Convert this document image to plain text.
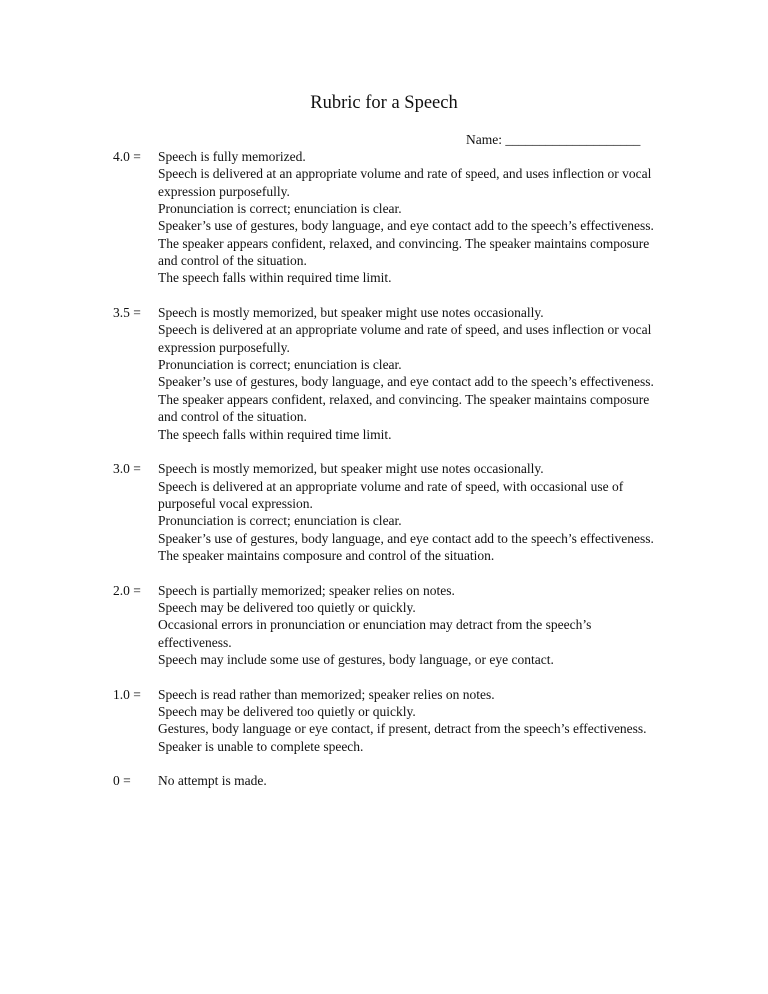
Rubric for a Speech
Name: ____________________
4.0 =	Speech is fully memorized.
Speech is delivered at an appropriate volume and rate of speed, and uses inflection or vocal expression purposefully.
Pronunciation is correct; enunciation is clear.
Speaker’s use of gestures, body language, and eye contact add to the speech’s effectiveness.
The speaker appears confident, relaxed, and convincing. The speaker maintains composure and control of the situation.
The speech falls within required time limit.
3.5 =	Speech is mostly memorized, but speaker might use notes occasionally.
Speech is delivered at an appropriate volume and rate of speed, and uses inflection or vocal expression purposefully.
Pronunciation is correct; enunciation is clear.
Speaker’s use of gestures, body language, and eye contact add to the speech’s effectiveness.
The speaker appears confident, relaxed, and convincing. The speaker maintains composure and control of the situation.
The speech falls within required time limit.
3.0 =	Speech is mostly memorized, but speaker might use notes occasionally.
Speech is delivered at an appropriate volume and rate of speed, with occasional use of purposeful vocal expression.
Pronunciation is correct; enunciation is clear.
Speaker’s use of gestures, body language, and eye contact add to the speech’s effectiveness.
The speaker maintains composure and control of the situation.
2.0 =	Speech is partially memorized; speaker relies on notes.
Speech may be delivered too quietly or quickly.
Occasional errors in pronunciation or enunciation may detract from the speech’s effectiveness.
Speech may include some use of gestures, body language, or eye contact.
1.0 =	Speech is read rather than memorized; speaker relies on notes.
Speech may be delivered too quietly or quickly.
Gestures, body language or eye contact, if present, detract from the speech’s effectiveness.
Speaker is unable to complete speech.
0 =	No attempt is made.
